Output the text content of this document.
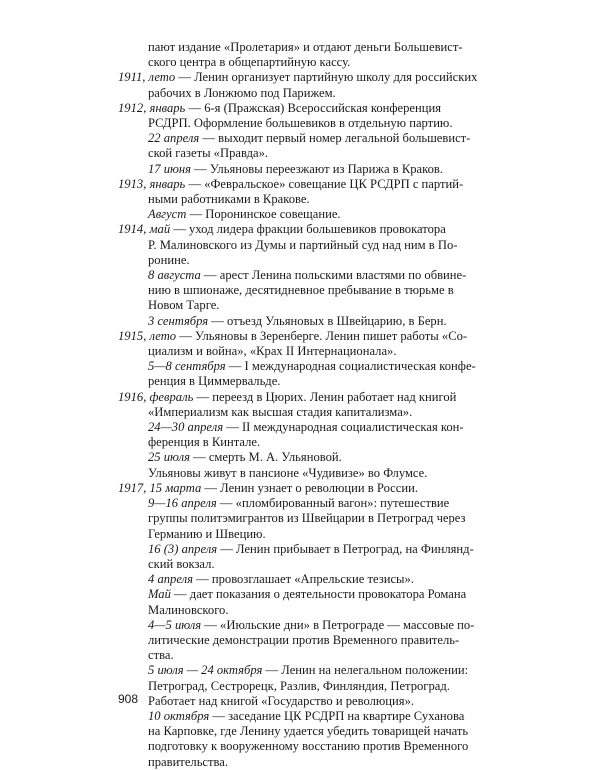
пают издание «Пролетария» и отдают деньги Большевист-
ского центра в общепартийную кассу.
1911, лето — Ленин организует партийную школу для российских
рабочих в Лонжюмо под Парижем.
1912, январь — 6-я (Пражская) Всероссийская конференция
РСДРП. Оформление большевиков в отдельную партию.
22 апреля — выходит первый номер легальной большевист-
ской газеты «Правда».
17 июня — Ульяновы переезжают из Парижа в Краков.
1913, январь — «Февральское» совещание ЦК РСДРП с партий-
ными работниками в Кракове.
Август — Поронинское совещание.
1914, май — уход лидера фракции большевиков провокатора
Р. Малиновского из Думы и партийный суд над ним в По-
ронине.
8 августа — арест Ленина польскими властями по обвине-
нию в шпионаже, десятидневное пребывание в тюрьме в
Новом Тарге.
3 сентября — отъезд Ульяновых в Швейцарию, в Берн.
1915, лето — Ульяновы в Зеренберге. Ленин пишет работы «Со-
циализм и война», «Крах II Интернационала».
5—8 сентября — I международная социалистическая конфе-
ренция в Циммервальде.
1916, февраль — переезд в Цюрих. Ленин работает над книгой
«Империализм как высшая стадия капитализма».
24—30 апреля — II международная социалистическая кон-
ференция в Кинтале.
25 июля — смерть М. А. Ульяновой.
Ульяновы живут в пансионе «Чудивизе» во Флумсе.
1917, 15 марта — Ленин узнает о революции в России.
9—16 апреля — «пломбированный вагон»: путешествие
группы политэмигрантов из Швейцарии в Петроград через
Германию и Швецию.
16 (3) апреля — Ленин прибывает в Петроград, на Финлянд-
ский вокзал.
4 апреля — провозглашает «Апрельские тезисы».
Май — дает показания о деятельности провокатора Романа
Малиновского.
4—5 июля — «Июльские дни» в Петрограде — массовые по-
литические демонстрации против Временного правитель-
ства.
5 июля — 24 октября — Ленин на нелегальном положении:
Петроград, Сестрорецк, Разлив, Финляндия, Петроград.
Работает над книгой «Государство и революция».
10 октября — заседание ЦК РСДРП на квартире Суханова
на Карповке, где Ленину удается убедить товарищей начать
подготовку к вооруженному восстанию против Временного
правительства.
908
